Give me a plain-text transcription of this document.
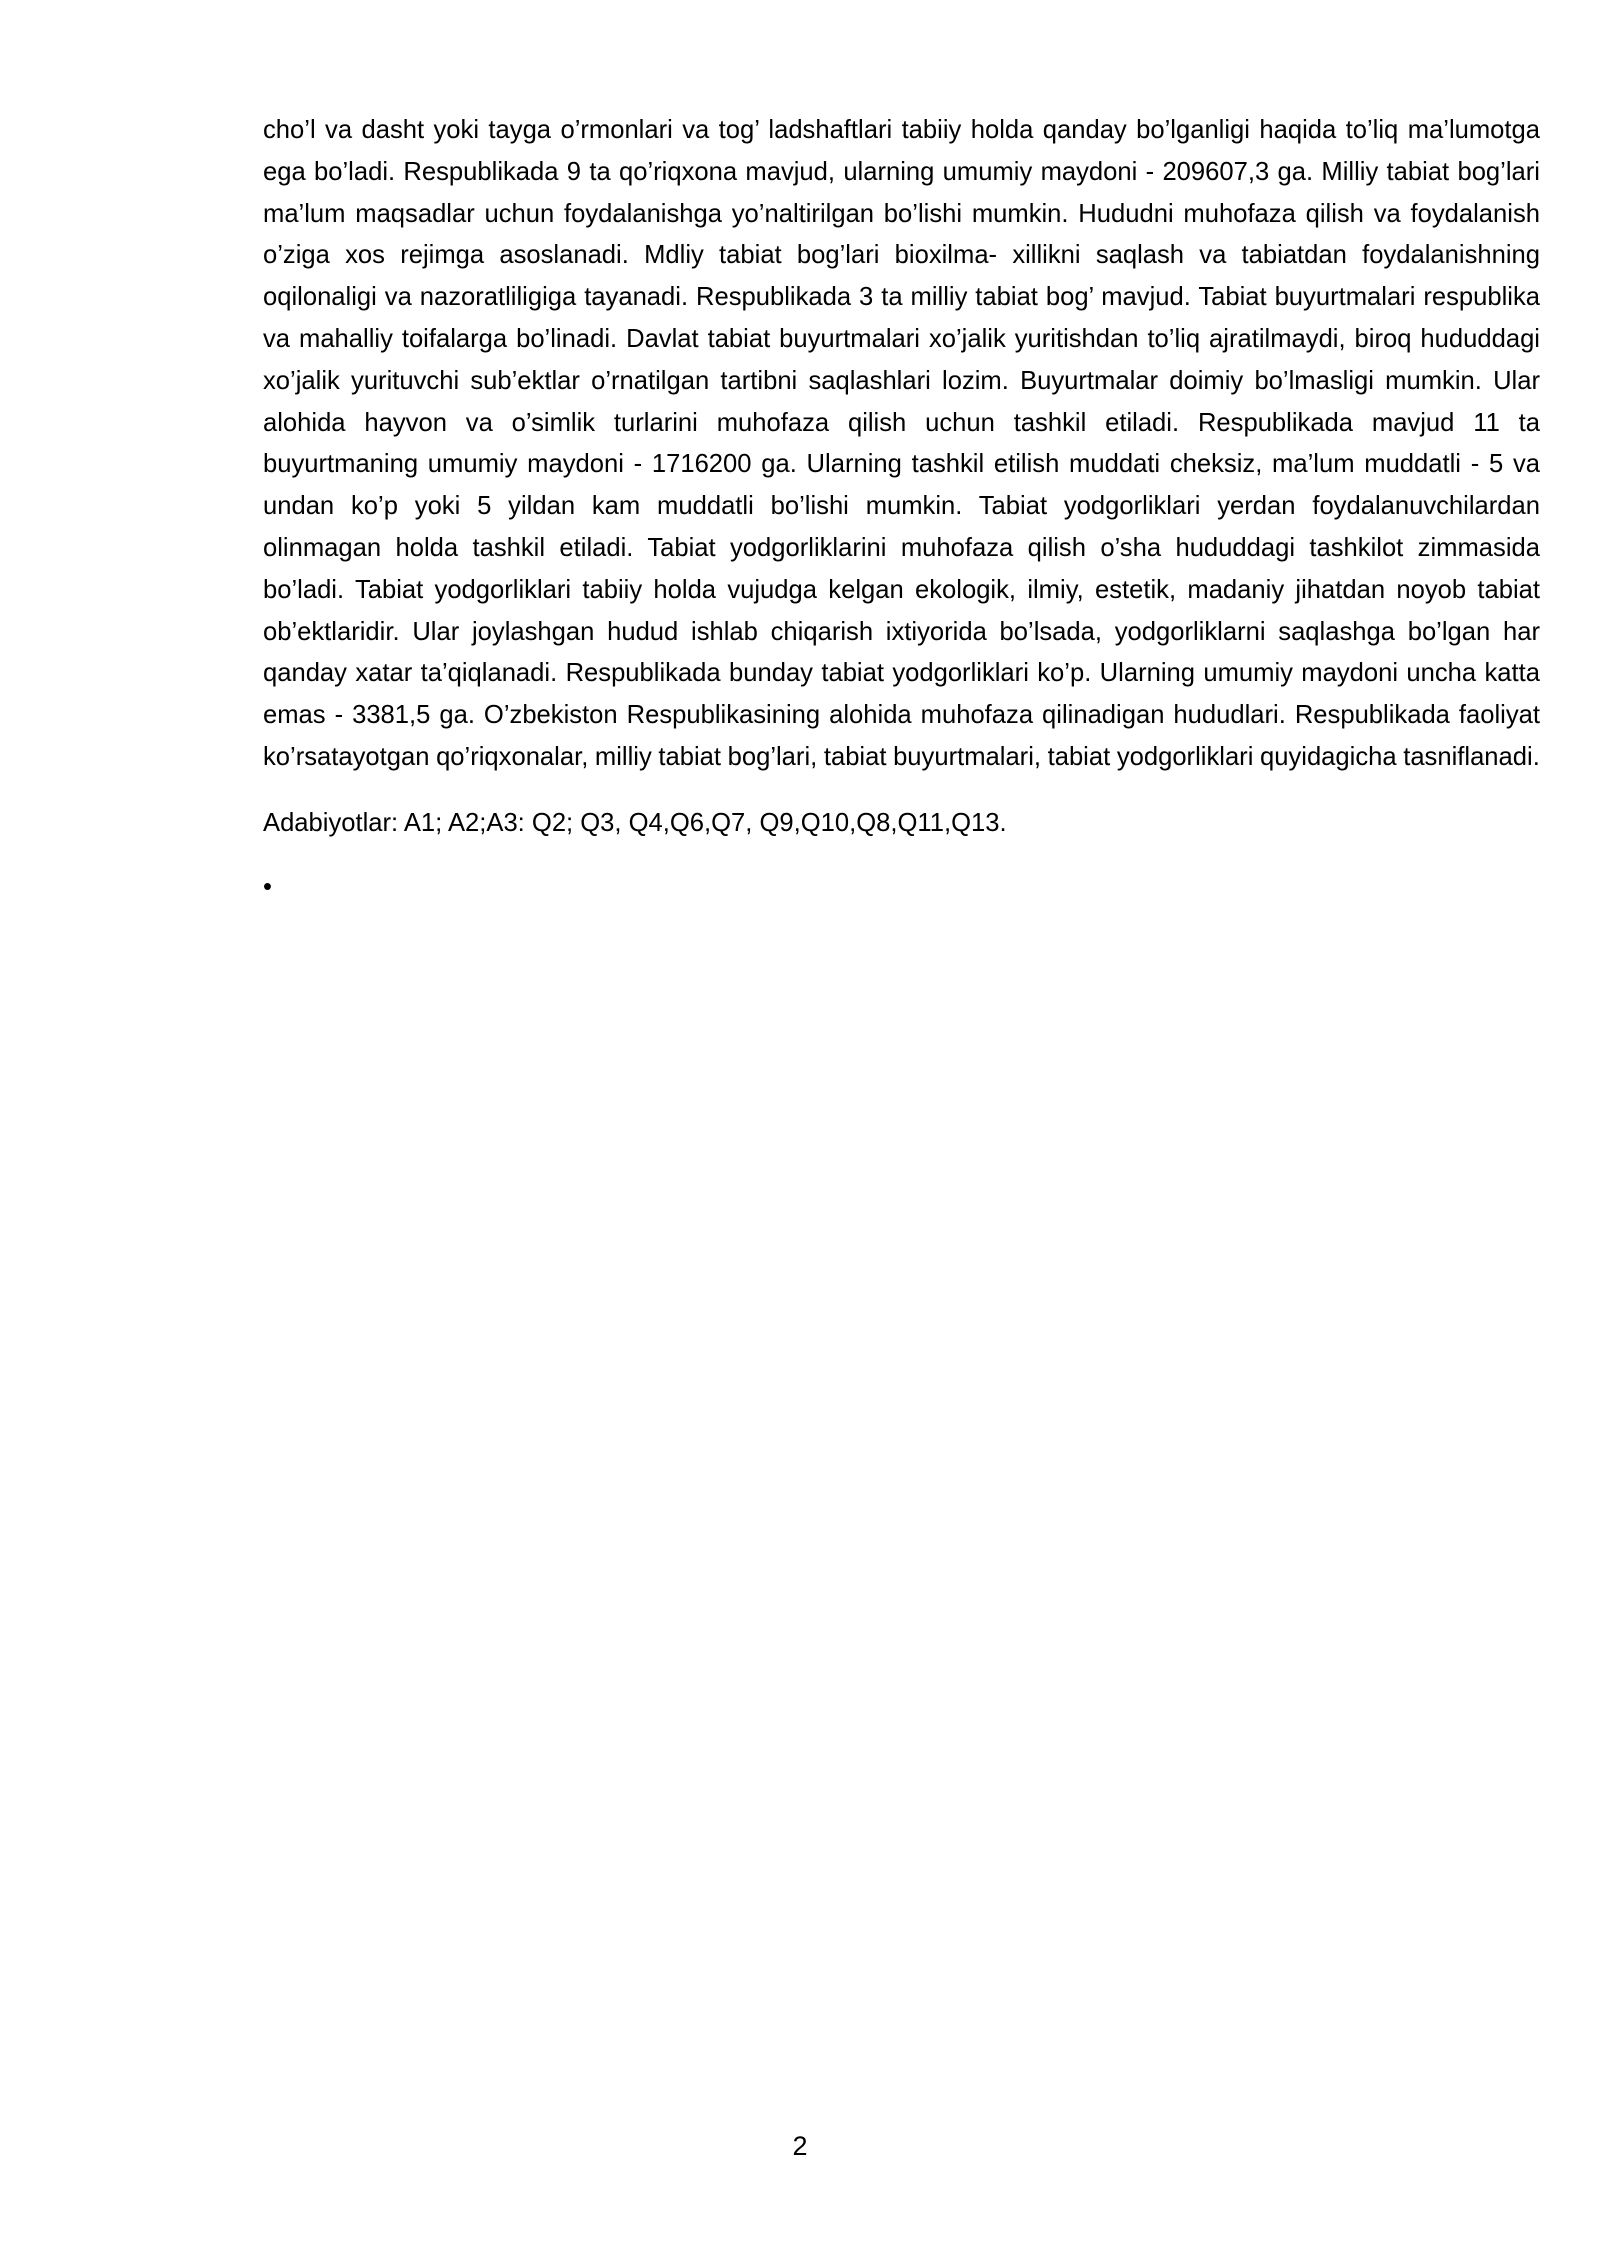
cho’l va dasht yoki tayga o’rmonlari va tog’ ladshaftlari tabiiy holda qanday bo’lganligi haqida to’liq ma’lumotga ega bo’ladi. Respublikada 9 ta qo’riqxona mavjud, ularning umumiy maydoni - 209607,3 ga. Milliy tabiat bog’lari ma’lum maqsadlar uchun foydalanishga yo’naltirilgan bo’lishi mumkin. Hududni muhofaza qilish va foydalanish o’ziga xos rejimga asoslanadi. Mdliy tabiat bog’lari bioxilma- xillikni saqlash va tabiatdan foydalanishning oqilonaligi va nazoratliligiga tayanadi. Respublikada 3 ta milliy tabiat bog’ mavjud. Tabiat buyurtmalari respublika va mahalliy toifalarga bo’linadi. Davlat tabiat buyurtmalari xo’jalik yuritishdan to’liq ajratilmaydi, biroq hududdagi xo’jalik yurituvchi sub’ektlar o’rnatilgan tartibni saqlashlari lozim. Buyurtmalar doimiy bo’lmasligi mumkin. Ular alohida hayvon va o’simlik turlarini muhofaza qilish uchun tashkil etiladi. Respublikada mavjud 11 ta buyurtmaning umumiy maydoni - 1716200 ga. Ularning tashkil etilish muddati cheksiz, ma’lum muddatli - 5 va undan ko’p yoki 5 yildan kam muddatli bo’lishi mumkin. Tabiat yodgorliklari yerdan foydalanuvchilardan olinmagan holda tashkil etiladi. Tabiat yodgorliklarini muhofaza qilish o’sha hududdagi tashkilot zimmasida bo’ladi. Tabiat yodgorliklari tabiiy holda vujudga kelgan ekologik, ilmiy, estetik, madaniy jihatdan noyob tabiat ob’ektlaridir. Ular joylashgan hudud ishlab chiqarish ixtiyorida bo’lsada, yodgorliklarni saqlashga bo’lgan har qanday xatar ta’qiqlanadi. Respublikada bunday tabiat yodgorliklari ko’p. Ularning umumiy maydoni uncha katta emas - 3381,5 ga. O’zbekiston Respublikasining alohida muhofaza qilinadigan hududlari. Respublikada faoliyat ko’rsatayotgan qo’riqxonalar, milliy tabiat bog’lari, tabiat buyurtmalari, tabiat yodgorliklari quyidagicha tasniflanadi.

Adabiyotlar: A1; A2;A3: Q2; Q3, Q4,Q6,Q7, Q9,Q10,Q8,Q11,Q13.

•
2
